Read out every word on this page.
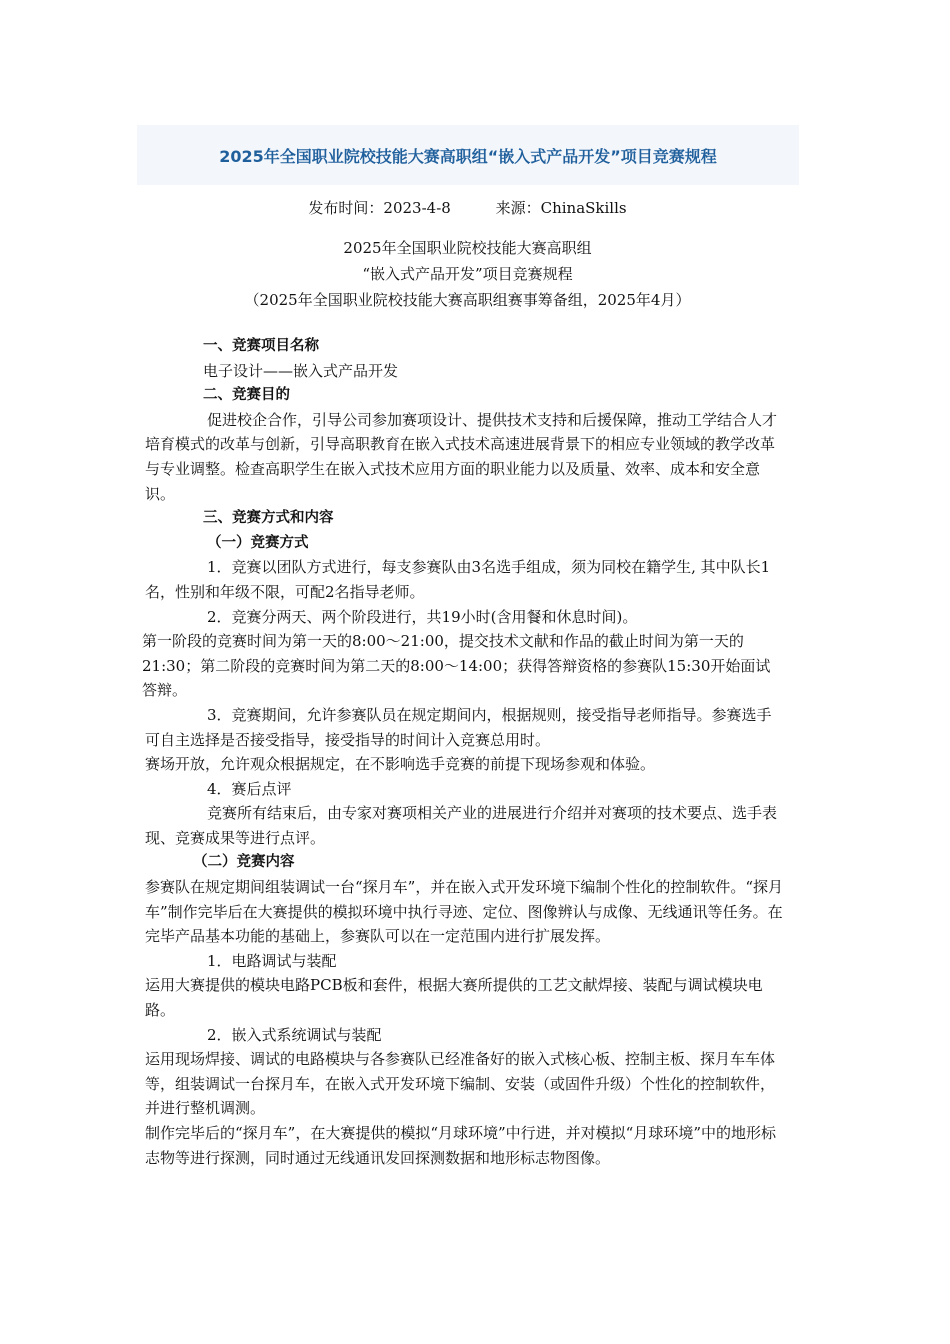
2025年全国职业院校技能大赛高职组“嵌入式产品开发”项目竞赛规程
发布时间：2023-4-8	来源：ChinaSkills
2025年全国职业院校技能大赛高职组
“嵌入式产品开发”项目竞赛规程
（2025年全国职业院校技能大赛高职组赛事筹备组，2025年4月）

一、竞赛项目名称

电子设计——嵌入式产品开发

二、竞赛目的

促进校企合作，引导公司参加赛项设计、提供技术支持和后援保障，推动工学结合人才培育模式的改革与创新，引导高职教育在嵌入式技术高速进展背景下的相应专业领域的教学改革与专业调整。检查高职学生在嵌入式技术应用方面的职业能力以及质量、效率、成本和安全意识。

三、竞赛方式和内容

（一）竞赛方式

1．竞赛以团队方式进行，每支参赛队由3名选手组成，须为同校在籍学生, 其中队长1名，性别和年级不限，可配2名指导老师。

2．竞赛分两天、两个阶段进行，共19小时(含用餐和休息时间)。

第一阶段的竞赛时间为第一天的8:00～21:00，提交技术文献和作品的截止时间为第一天的21:30；第二阶段的竞赛时间为第二天的8:00～14:00；获得答辩资格的参赛队15:30开始面试答辩。

3．竞赛期间，允许参赛队员在规定期间内，根据规则，接受指导老师指导。参赛选手可自主选择是否接受指导，接受指导的时间计入竞赛总用时。

赛场开放，允许观众根据规定，在不影响选手竞赛的前提下现场参观和体验。

4．赛后点评

竞赛所有结束后，由专家对赛项相关产业的进展进行介绍并对赛项的技术要点、选手表现、竞赛成果等进行点评。

（二）竞赛内容

参赛队在规定期间组装调试一台“探月车”，并在嵌入式开发环境下编制个性化的控制软件。“探月车”制作完毕后在大赛提供的模拟环境中执行寻迹、定位、图像辨认与成像、无线通讯等任务。在完毕产品基本功能的基础上，参赛队可以在一定范围内进行扩展发挥。

1．电路调试与装配

运用大赛提供的模块电路PCB板和套件，根据大赛所提供的工艺文献焊接、装配与调试模块电路。

2．嵌入式系统调试与装配

运用现场焊接、调试的电路模块与各参赛队已经准备好的嵌入式核心板、控制主板、探月车车体等，组装调试一台探月车，在嵌入式开发环境下编制、安装（或固件升级）个性化的控制软件，并进行整机调测。

制作完毕后的“探月车”，在大赛提供的模拟“月球环境”中行进，并对模拟“月球环境”中的地形标志物等进行探测，同时通过无线通讯发回探测数据和地形标志物图像。
